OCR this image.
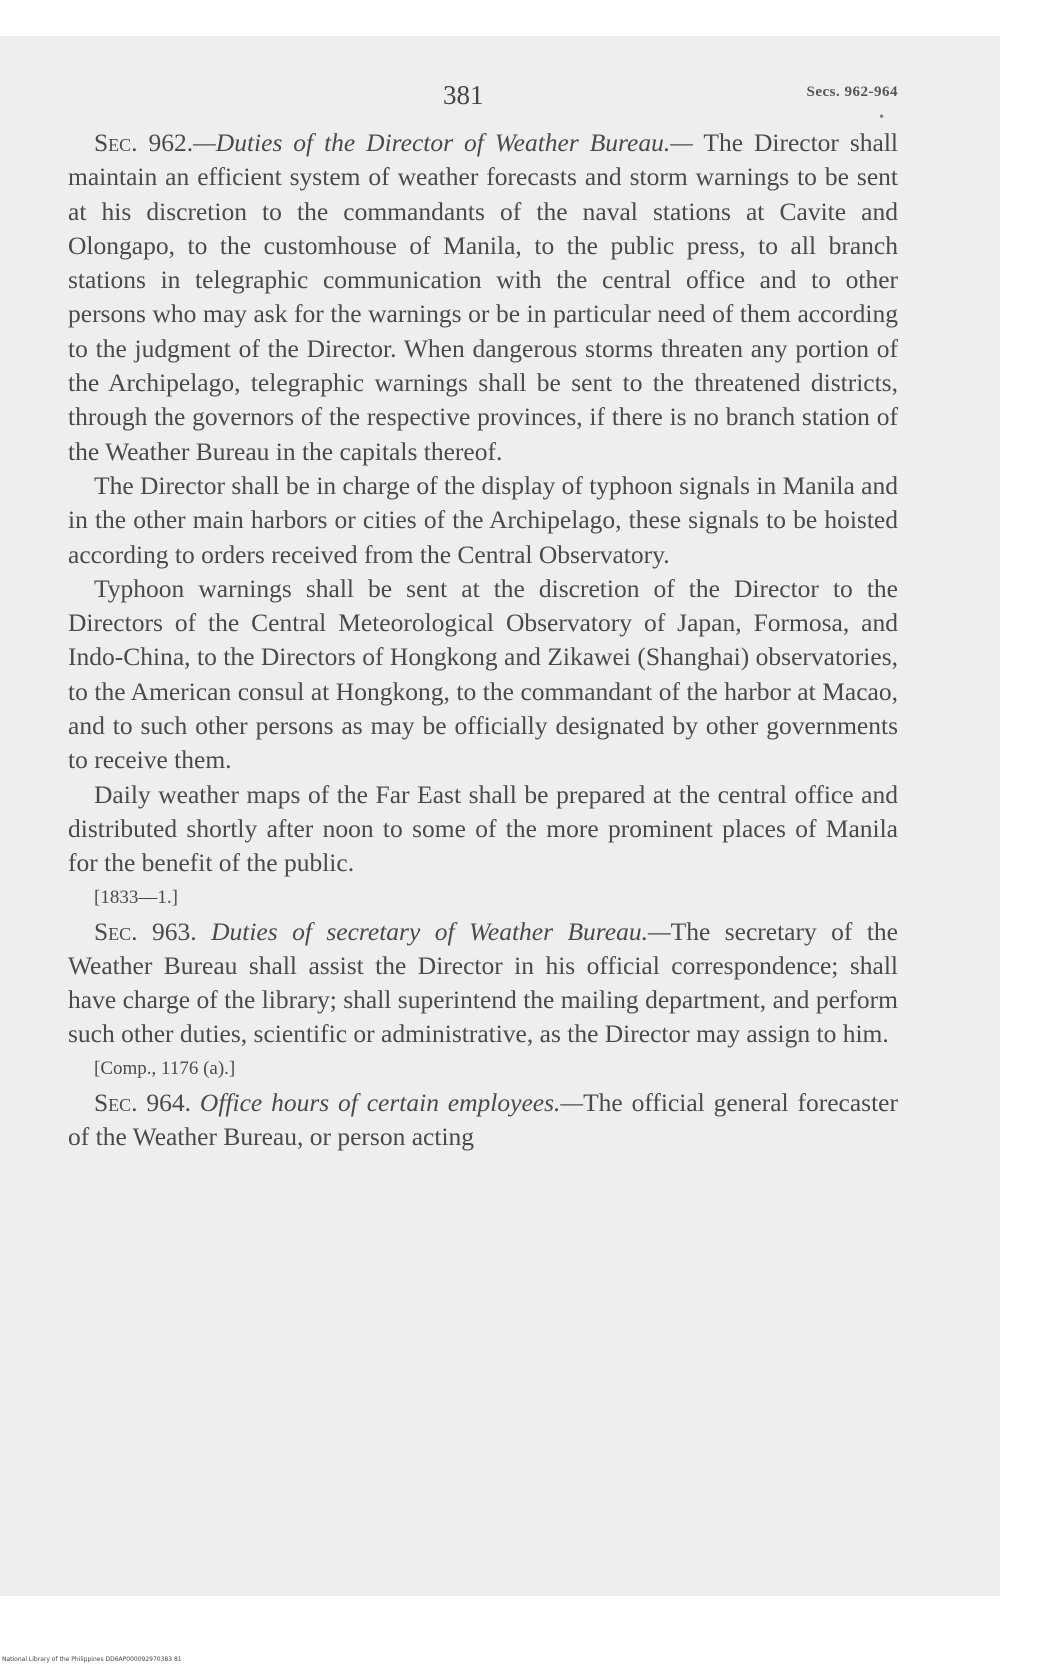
381	Secs. 962-964
•

Sec. 962.—Duties of the Director of Weather Bureau.— The Director shall maintain an efficient system of weather forecasts and storm warnings to be sent at his discretion to the commandants of the naval stations at Cavite and Olongapo, to the customhouse of Manila, to the public press, to all branch stations in telegraphic communication with the central office and to other persons who may ask for the warnings or be in particular need of them according to the judgment of the Director. When dangerous storms threaten any portion of the Archipelago, telegraphic warnings shall be sent to the threatened districts, through the governors of the respective provinces, if there is no branch station of the Weather Bureau in the capitals thereof.

The Director shall be in charge of the display of typhoon signals in Manila and in the other main harbors or cities of the Archipelago, these signals to be hoisted according to orders received from the Central Observatory.

Typhoon warnings shall be sent at the discretion of the Director to the Directors of the Central Meteorological Observatory of Japan, Formosa, and Indo-China, to the Directors of Hongkong and Zikawei (Shanghai) observatories, to the American consul at Hongkong, to the commandant of the harbor at Macao, and to such other persons as may be officially designated by other governments to receive them.

Daily weather maps of the Far East shall be prepared at the central office and distributed shortly after noon to some of the more prominent places of Manila for the benefit of the public.

[1833—1.]

Sec. 963. Duties of secretary of Weather Bureau.—The secretary of the Weather Bureau shall assist the Director in his official correspondence; shall have charge of the library; shall superintend the mailing department, and perform such other duties, scientific or administrative, as the Director may assign to him.

[Comp., 1176 (a).]

Sec. 964. Office hours of certain employees.—The official general forecaster of the Weather Bureau, or person acting

National Library of the Philippines DD6AP000092970383 81
